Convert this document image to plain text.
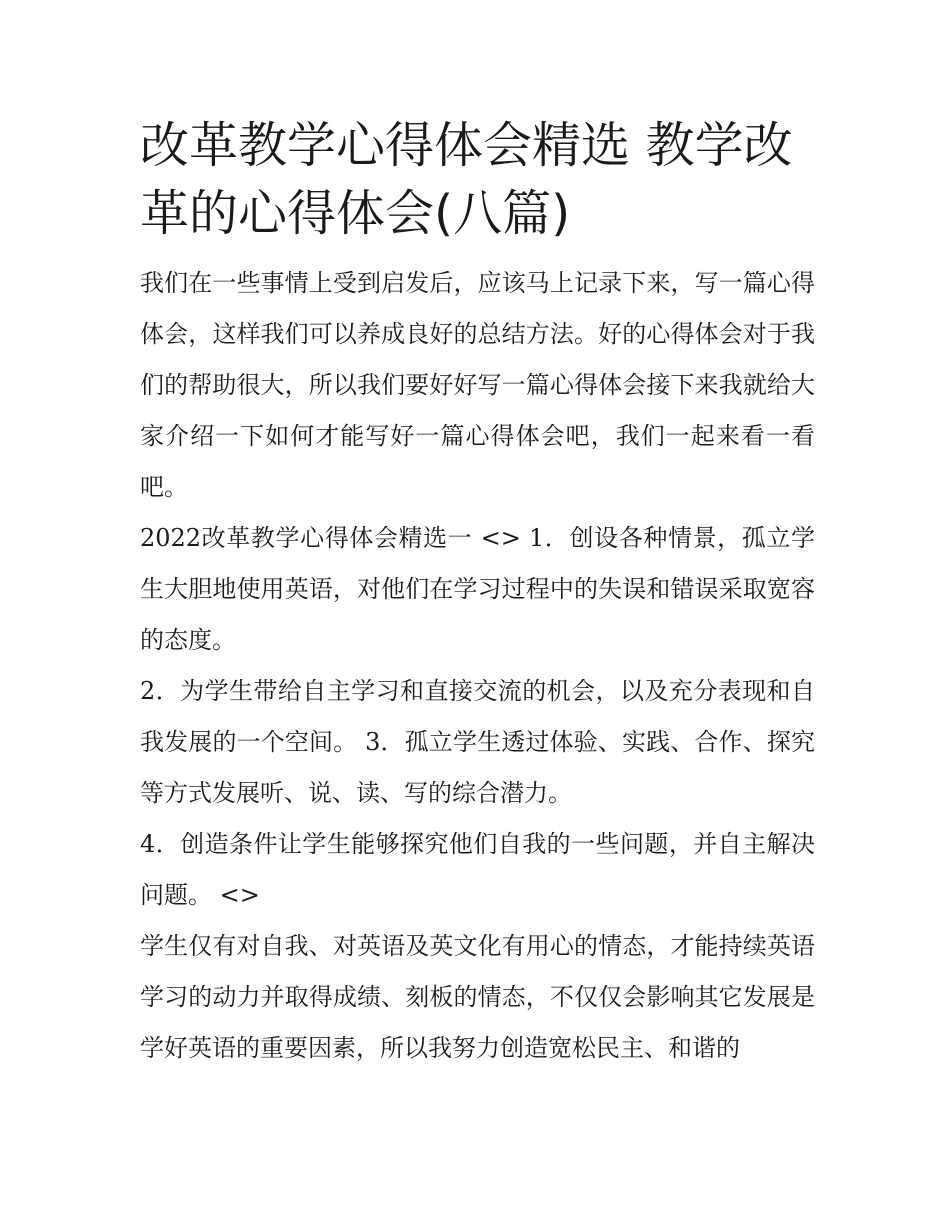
改革教学心得体会精选 教学改革的心得体会(八篇)

我们在一些事情上受到启发后，应该马上记录下来，写一篇心得体会，这样我们可以养成良好的总结方法。好的心得体会对于我们的帮助很大，所以我们要好好写一篇心得体会接下来我就给大家介绍一下如何才能写好一篇心得体会吧，我们一起来看一看吧。

2022改革教学心得体会精选一 <> 1．创设各种情景，孤立学生大胆地使用英语，对他们在学习过程中的失误和错误采取宽容的态度。

2．为学生带给自主学习和直接交流的机会，以及充分表现和自我发展的一个空间。 3．孤立学生透过体验、实践、合作、探究等方式发展听、说、读、写的综合潜力。

4．创造条件让学生能够探究他们自我的一些问题，并自主解决问题。 <>

学生仅有对自我、对英语及英文化有用心的情态，才能持续英语学习的动力并取得成绩、刻板的情态，不仅仅会影响其它发展是学好英语的重要因素，所以我努力创造宽松民主、和谐的
